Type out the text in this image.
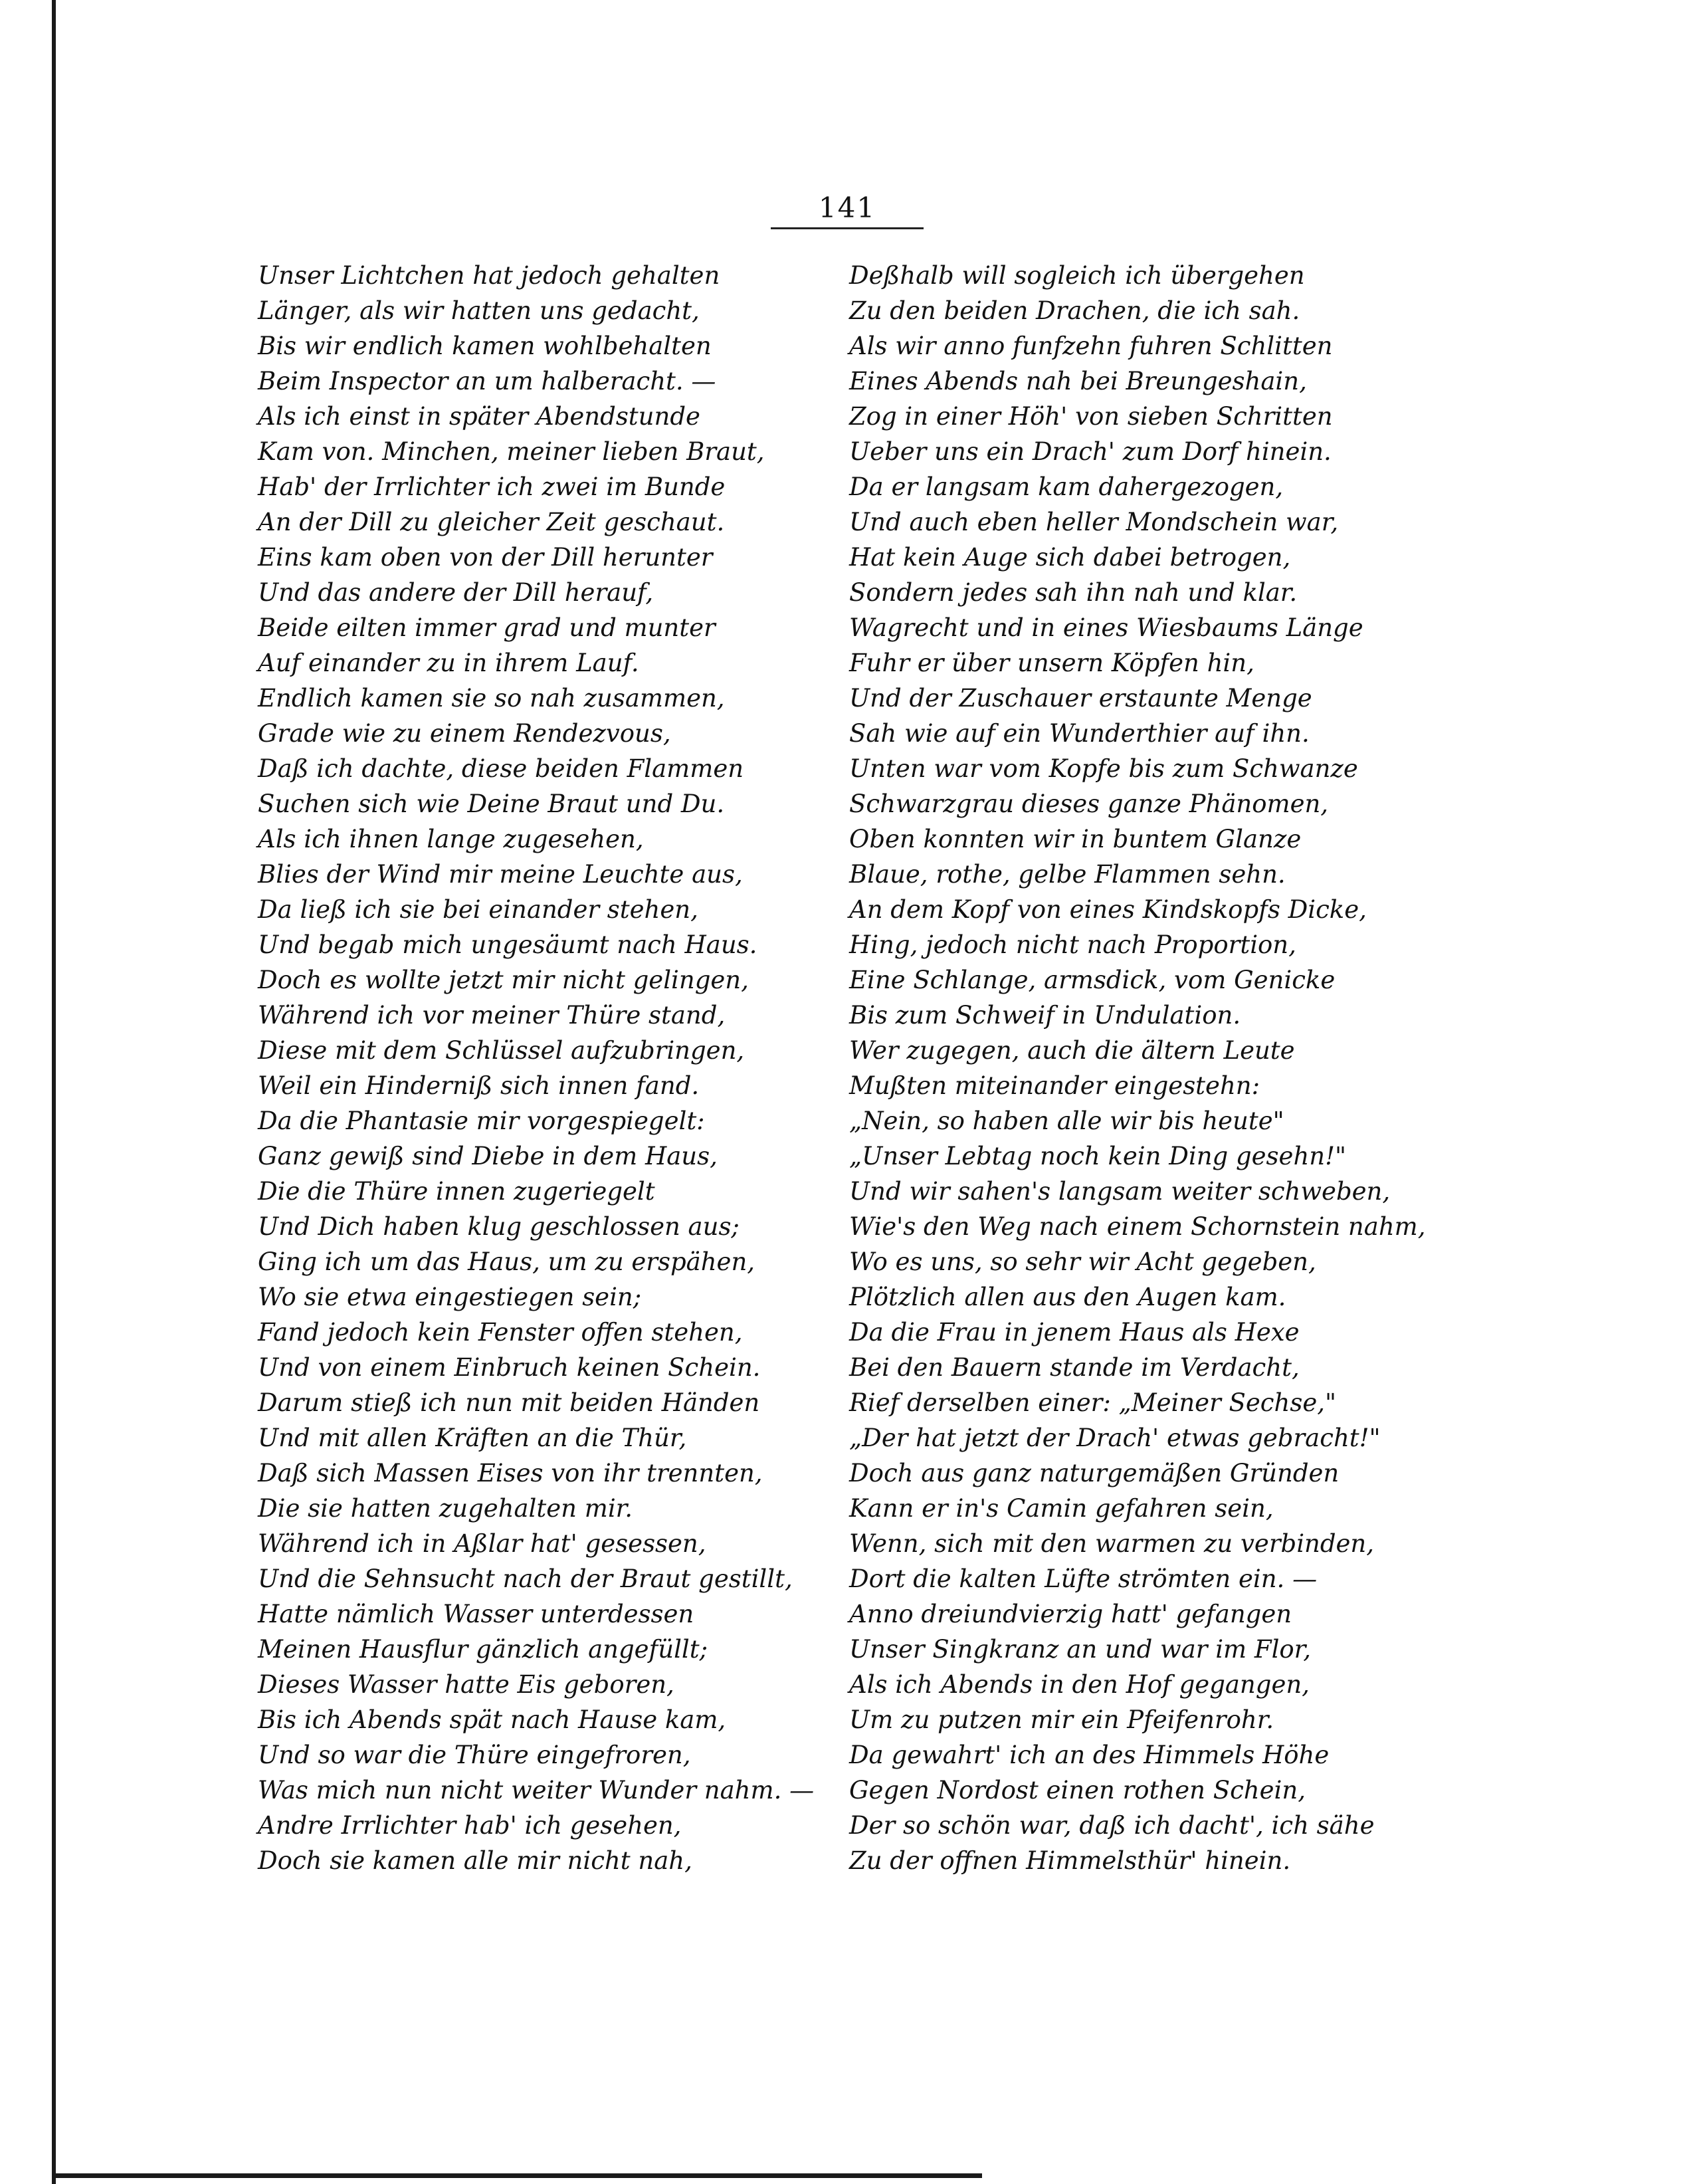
141
Unser Lichtchen hat jedoch gehalten
Länger, als wir hatten uns gedacht,
Bis wir endlich kamen wohlbehalten
Beim Inspector an um halberacht. —
Als ich einst in später Abendstunde
Kam von. Minchen, meiner lieben Braut,
Hab' der Irrlichter ich zwei im Bunde
An der Dill zu gleicher Zeit geschaut.
Eins kam oben von der Dill herunter
Und das andere der Dill herauf,
Beide eilten immer grad und munter
Auf einander zu in ihrem Lauf.
Endlich kamen sie so nah zusammen,
Grade wie zu einem Rendezvous,
Daß ich dachte, diese beiden Flammen
Suchen sich wie Deine Braut und Du.
Als ich ihnen lange zugesehen,
Blies der Wind mir meine Leuchte aus,
Da ließ ich sie bei einander stehen,
Und begab mich ungesäumt nach Haus.
Doch es wollte jetzt mir nicht gelingen,
Während ich vor meiner Thüre stand,
Diese mit dem Schlüssel aufzubringen,
Weil ein Hinderniß sich innen fand.
Da die Phantasie mir vorgespiegelt:
Ganz gewiß sind Diebe in dem Haus,
Die die Thüre innen zugeriegelt
Und Dich haben klug geschlossen aus;
Ging ich um das Haus, um zu erspähen,
Wo sie etwa eingestiegen sein;
Fand jedoch kein Fenster offen stehen,
Und von einem Einbruch keinen Schein.
Darum stieß ich nun mit beiden Händen
Und mit allen Kräften an die Thür,
Daß sich Massen Eises von ihr trennten,
Die sie hatten zugehalten mir.
Während ich in Aßlar hat' gesessen,
Und die Sehnsucht nach der Braut gestillt,
Hatte nämlich Wasser unterdessen
Meinen Hausflur gänzlich angefüllt;
Dieses Wasser hatte Eis geboren,
Bis ich Abends spät nach Hause kam,
Und so war die Thüre eingefroren,
Was mich nun nicht weiter Wunder nahm. —
Andre Irrlichter hab' ich gesehen,
Doch sie kamen alle mir nicht nah,
Deßhalb will sogleich ich übergehen
Zu den beiden Drachen, die ich sah.
Als wir anno funfzehn fuhren Schlitten
Eines Abends nah bei Breungeshain,
Zog in einer Höh' von sieben Schritten
Ueber uns ein Drach' zum Dorf hinein.
Da er langsam kam dahergezogen,
Und auch eben heller Mondschein war,
Hat kein Auge sich dabei betrogen,
Sondern jedes sah ihn nah und klar.
Wagrecht und in eines Wiesbaums Länge
Fuhr er über unsern Köpfen hin,
Und der Zuschauer erstaunte Menge
Sah wie auf ein Wunderthier auf ihn.
Unten war vom Kopfe bis zum Schwanze
Schwarzgrau dieses ganze Phänomen,
Oben konnten wir in buntem Glanze
Blaue, rothe, gelbe Flammen sehn.
An dem Kopf von eines Kindskopfs Dicke,
Hing, jedoch nicht nach Proportion,
Eine Schlange, armsdick, vom Genicke
Bis zum Schweif in Undulation.
Wer zugegen, auch die ältern Leute
Mußten miteinander eingestehn:
„Nein, so haben alle wir bis heute"
„Unser Lebtag noch kein Ding gesehn!"
Und wir sahen's langsam weiter schweben,
Wie's den Weg nach einem Schornstein nahm,
Wo es uns, so sehr wir Acht gegeben,
Plötzlich allen aus den Augen kam.
Da die Frau in jenem Haus als Hexe
Bei den Bauern stande im Verdacht,
Rief derselben einer: „Meiner Sechse,"
„Der hat jetzt der Drach' etwas gebracht!"
Doch aus ganz naturgemäßen Gründen
Kann er in's Camin gefahren sein,
Wenn, sich mit den warmen zu verbinden,
Dort die kalten Lüfte strömten ein. —
Anno dreiundvierzig hatt' gefangen
Unser Singkranz an und war im Flor,
Als ich Abends in den Hof gegangen,
Um zu putzen mir ein Pfeifenrohr.
Da gewahrt' ich an des Himmels Höhe
Gegen Nordost einen rothen Schein,
Der so schön war, daß ich dacht', ich sähe
Zu der offnen Himmelsthür' hinein.
